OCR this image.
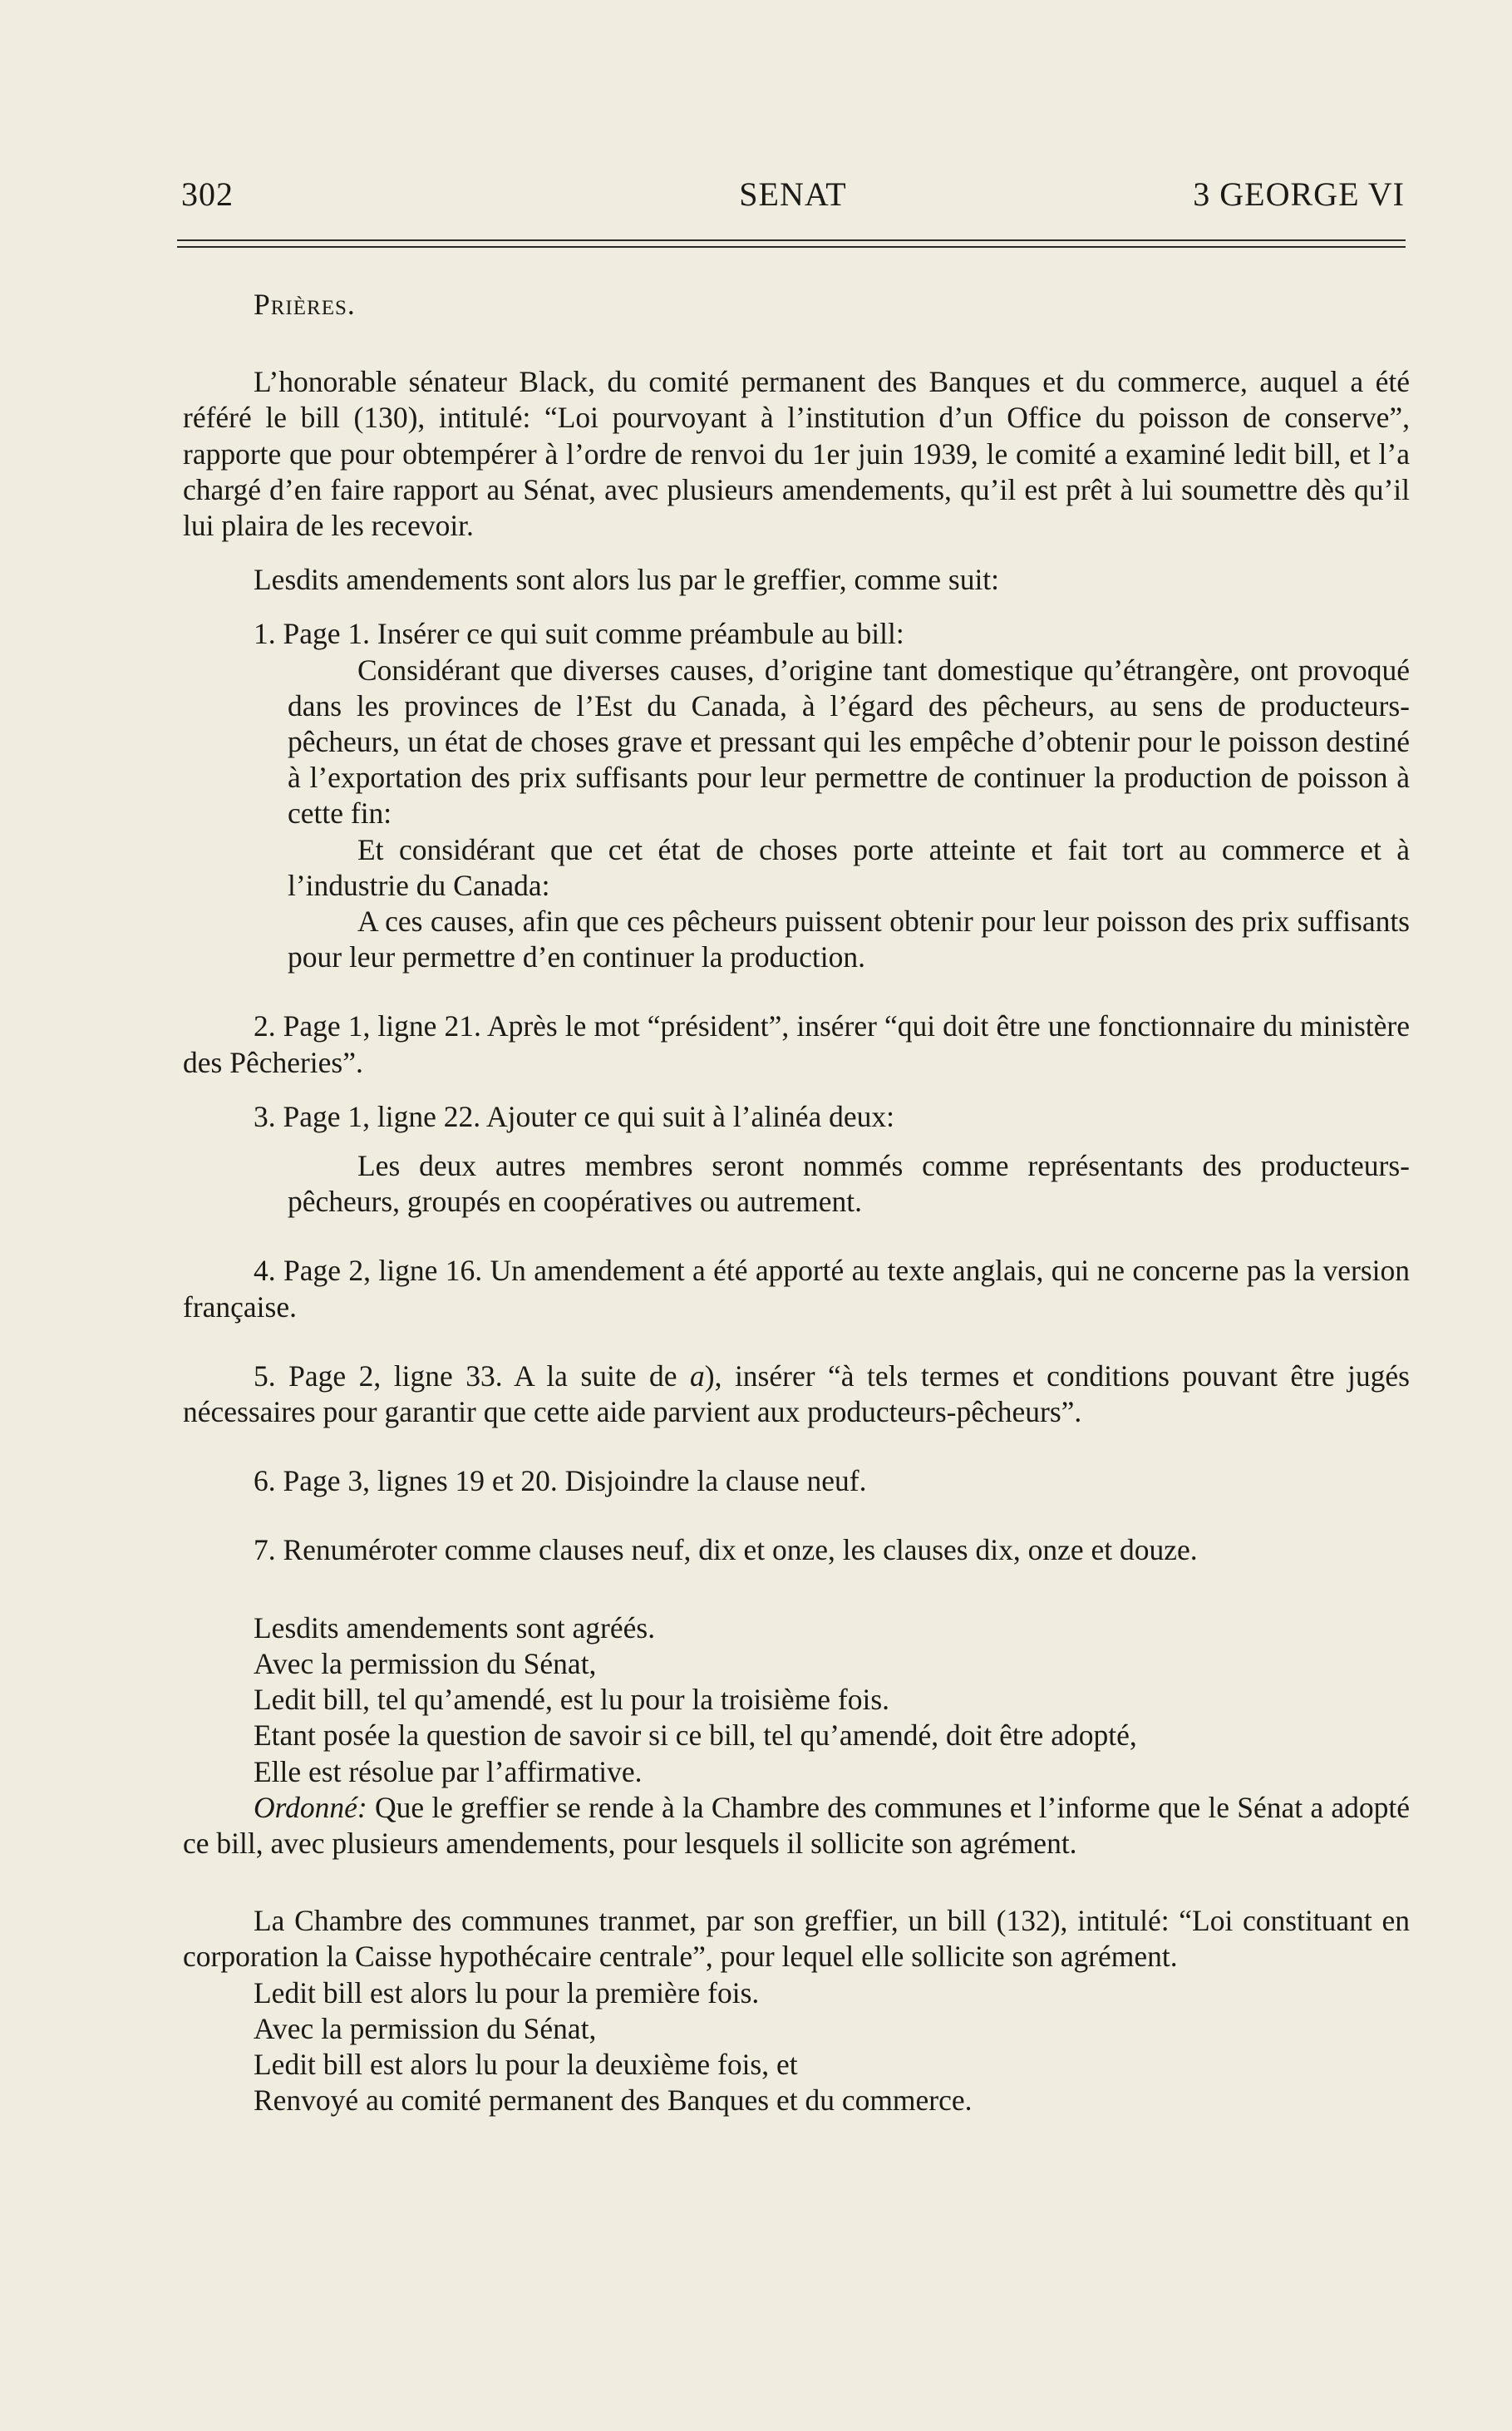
302	SENAT	3 GEORGE VI

Prières.

L’honorable sénateur Black, du comité permanent des Banques et du commerce, auquel a été référé le bill (130), intitulé: “Loi pourvoyant à l’institution d’un Office du poisson de conserve”, rapporte que pour obtempérer à l’ordre de renvoi du 1er juin 1939, le comité a examiné ledit bill, et l’a chargé d’en faire rapport au Sénat, avec plusieurs amendements, qu’il est prêt à lui soumettre dès qu’il lui plaira de les recevoir.

Lesdits amendements sont alors lus par le greffier, comme suit:

1. Page 1. Insérer ce qui suit comme préambule au bill:

Considérant que diverses causes, d’origine tant domestique qu’étrangère, ont provoqué dans les provinces de l’Est du Canada, à l’égard des pêcheurs, au sens de producteurs-pêcheurs, un état de choses grave et pressant qui les empêche d’obtenir pour le poisson destiné à l’exportation des prix suffisants pour leur permettre de continuer la production de poisson à cette fin:

Et considérant que cet état de choses porte atteinte et fait tort au commerce et à l’industrie du Canada:

A ces causes, afin que ces pêcheurs puissent obtenir pour leur poisson des prix suffisants pour leur permettre d’en continuer la production.

2. Page 1, ligne 21. Après le mot “président”, insérer “qui doit être une fonctionnaire du ministère des Pêcheries”.

3. Page 1, ligne 22. Ajouter ce qui suit à l’alinéa deux:

Les deux autres membres seront nommés comme représentants des producteurs-pêcheurs, groupés en coopératives ou autrement.

4. Page 2, ligne 16. Un amendement a été apporté au texte anglais, qui ne concerne pas la version française.

5. Page 2, ligne 33. A la suite de a), insérer “à tels termes et conditions pouvant être jugés nécessaires pour garantir que cette aide parvient aux producteurs-pêcheurs”.

6. Page 3, lignes 19 et 20. Disjoindre la clause neuf.

7. Renuméroter comme clauses neuf, dix et onze, les clauses dix, onze et douze.

Lesdits amendements sont agréés.
Avec la permission du Sénat,
Ledit bill, tel qu’amendé, est lu pour la troisième fois.
Etant posée la question de savoir si ce bill, tel qu’amendé, doit être adopté,
Elle est résolue par l’affirmative.

Ordonné: Que le greffier se rende à la Chambre des communes et l’informe que le Sénat a adopté ce bill, avec plusieurs amendements, pour lesquels il sollicite son agrément.

La Chambre des communes tranmet, par son greffier, un bill (132), intitulé: “Loi constituant en corporation la Caisse hypothécaire centrale”, pour lequel elle sollicite son agrément.

Ledit bill est alors lu pour la première fois.
Avec la permission du Sénat,
Ledit bill est alors lu pour la deuxième fois, et
Renvoyé au comité permanent des Banques et du commerce.
